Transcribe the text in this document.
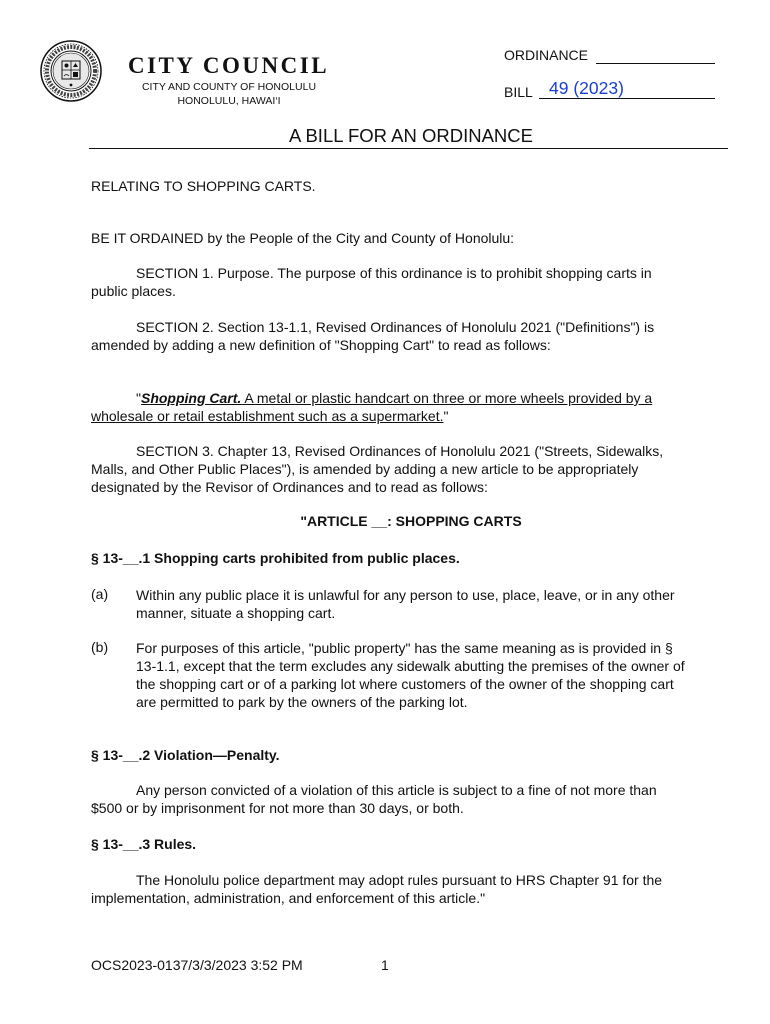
CITY COUNCIL
CITY AND COUNTY OF HONOLULU
HONOLULU, HAWAI‘I
ORDINANCE
BILL 49 (2023)
A BILL FOR AN ORDINANCE
RELATING TO SHOPPING CARTS.
BE IT ORDAINED by the People of the City and County of Honolulu:
SECTION 1. Purpose. The purpose of this ordinance is to prohibit shopping carts in public places.
SECTION 2. Section 13-1.1, Revised Ordinances of Honolulu 2021 ("Definitions") is amended by adding a new definition of "Shopping Cart" to read as follows:
"Shopping Cart. A metal or plastic handcart on three or more wheels provided by a wholesale or retail establishment such as a supermarket."
SECTION 3. Chapter 13, Revised Ordinances of Honolulu 2021 ("Streets, Sidewalks, Malls, and Other Public Places"), is amended by adding a new article to be appropriately designated by the Revisor of Ordinances and to read as follows:
"ARTICLE __: SHOPPING CARTS
§ 13-__.1 Shopping carts prohibited from public places.
(a) Within any public place it is unlawful for any person to use, place, leave, or in any other manner, situate a shopping cart.
(b) For purposes of this article, "public property" has the same meaning as is provided in § 13-1.1, except that the term excludes any sidewalk abutting the premises of the owner of the shopping cart or of a parking lot where customers of the owner of the shopping cart are permitted to park by the owners of the parking lot.
§ 13-__.2 Violation—Penalty.
Any person convicted of a violation of this article is subject to a fine of not more than $500 or by imprisonment for not more than 30 days, or both.
§ 13-__.3 Rules.
The Honolulu police department may adopt rules pursuant to HRS Chapter 91 for the implementation, administration, and enforcement of this article."
OCS2023-0137/3/3/2023 3:52 PM	1
